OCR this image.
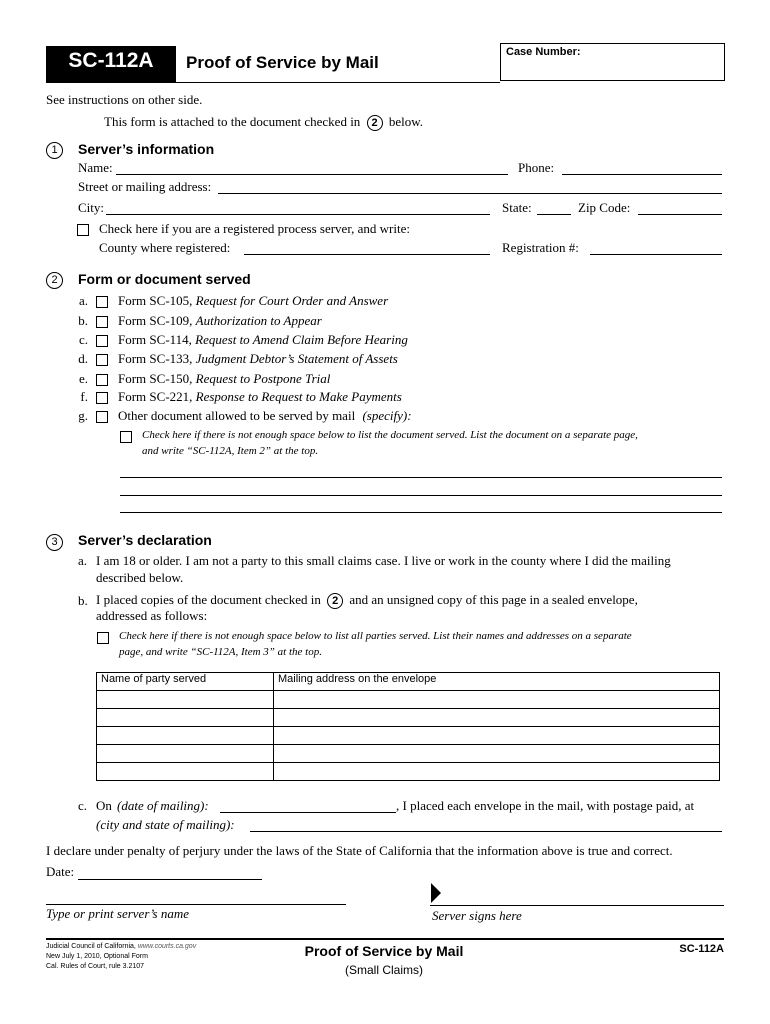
SC-112A	Proof of Service by Mail
Case Number:
See instructions on other side.
This form is attached to the document checked in 2 below.
1	Server’s information
Name:	Phone:
Street or mailing address:
City:	State:	Zip Code:
Check here if you are a registered process server, and write:
County where registered:	Registration #:
2	Form or document served
a. Form SC-105, Request for Court Order and Answer
b. Form SC-109, Authorization to Appear
c. Form SC-114, Request to Amend Claim Before Hearing
d. Form SC-133, Judgment Debtor’s Statement of Assets
e. Form SC-150, Request to Postpone Trial
f. Form SC-221, Response to Request to Make Payments
g. Other document allowed to be served by mail (specify):
Check here if there is not enough space below to list the document served. List the document on a separate page,
and write “SC-112A, Item 2” at the top.
3	Server’s declaration
a. I am 18 or older. I am not a party to this small claims case. I live or work in the county where I did the mailing
described below.
b. I placed copies of the document checked in 2 and an unsigned copy of this page in a sealed envelope,
addressed as follows:
Check here if there is not enough space below to list all parties served. List their names and addresses on a separate
page, and write “SC-112A, Item 3” at the top.
Name of party served	Mailing address on the envelope

c. On (date of mailing):	, I placed each envelope in the mail, with postage paid, at
(city and state of mailing):
I declare under penalty of perjury under the laws of the State of California that the information above is true and correct.
Date:
Type or print server’s name	Server signs here
Judicial Council of California, www.courts.ca.gov
New July 1, 2010, Optional Form
Cal. Rules of Court, rule 3.2107
Proof of Service by Mail
(Small Claims)
SC-112A
